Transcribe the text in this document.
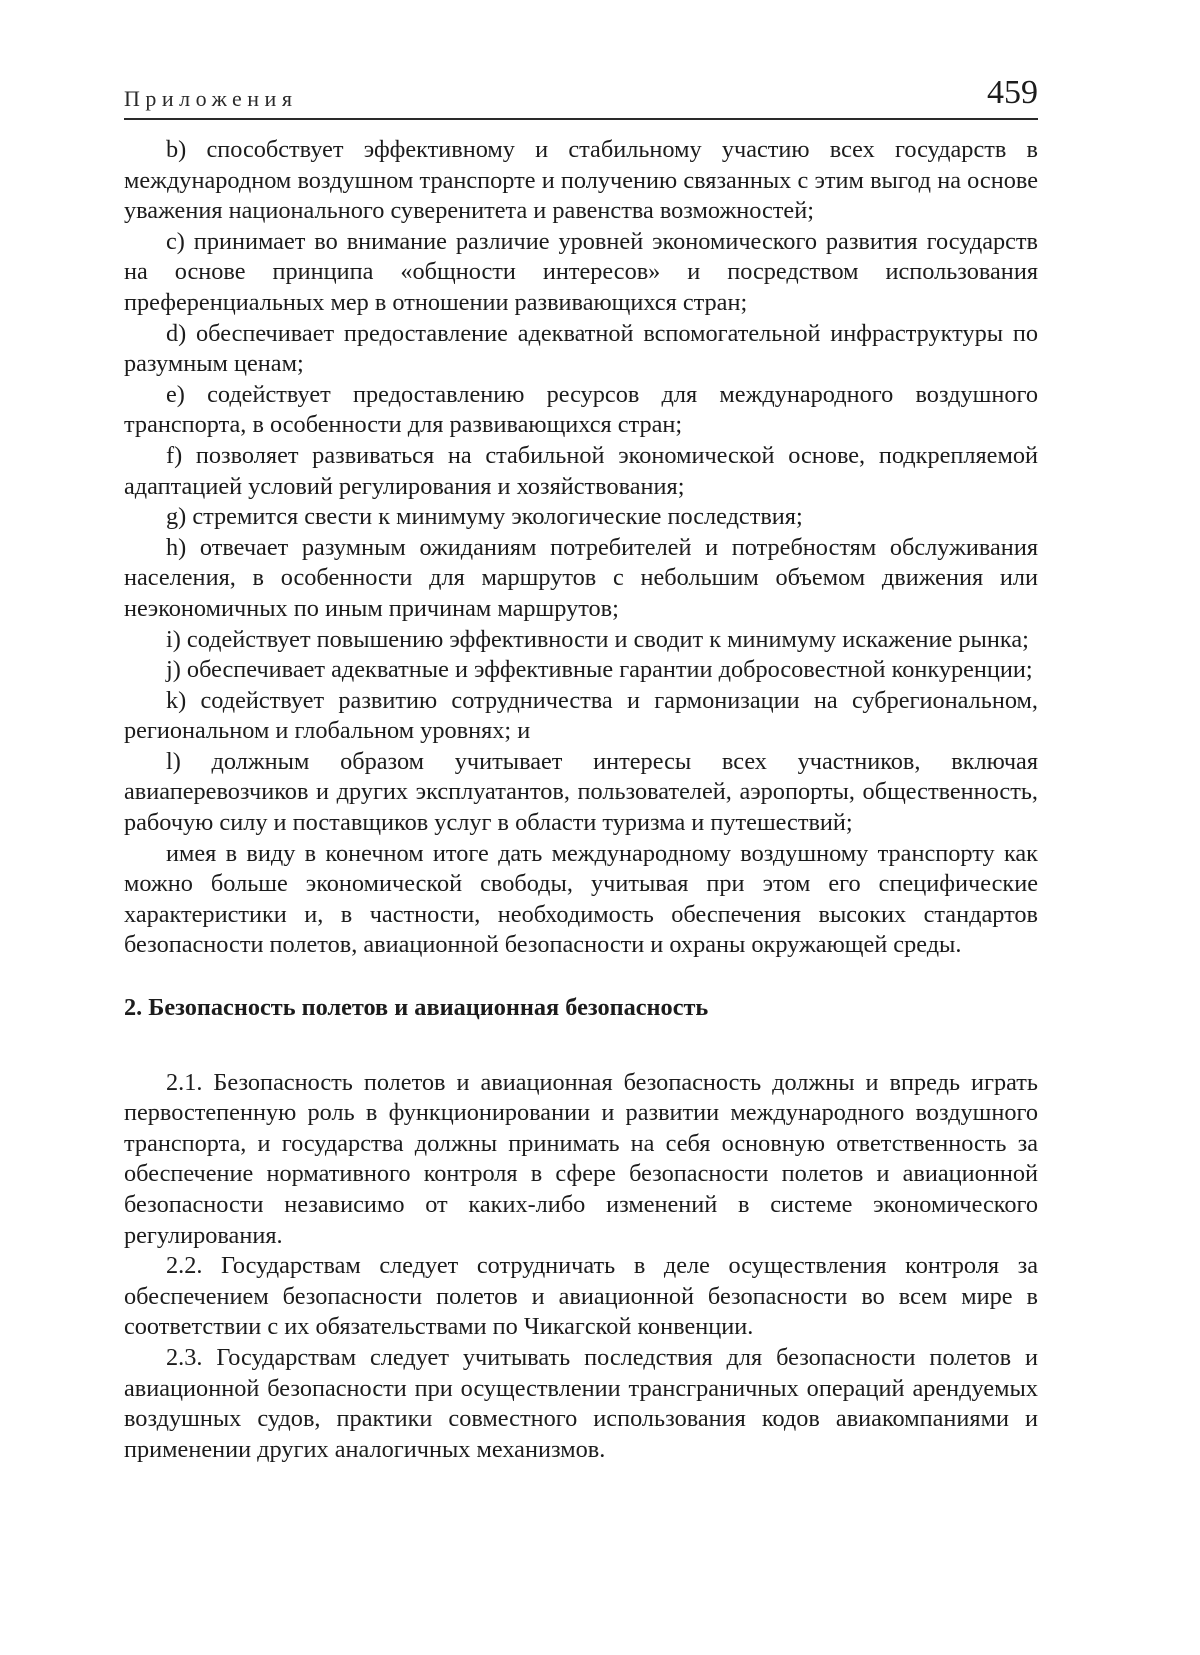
Приложения	459

b) способствует эффективному и стабильному участию всех государств в международном воздушном транспорте и получению связанных с этим выгод на основе уважения национального суверенитета и равенства возможностей;

c) принимает во внимание различие уровней экономического развития государств на основе принципа «общности интересов» и посредством использования преференциальных мер в отношении развивающихся стран;

d) обеспечивает предоставление адекватной вспомогательной инфраструктуры по разумным ценам;

e) содействует предоставлению ресурсов для международного воздушного транспорта, в особенности для развивающихся стран;

f) позволяет развиваться на стабильной экономической основе, подкрепляемой адаптацией условий регулирования и хозяйствования;

g) стремится свести к минимуму экологические последствия;

h) отвечает разумным ожиданиям потребителей и потребностям обслуживания населения, в особенности для маршрутов с небольшим объемом движения или неэкономичных по иным причинам маршрутов;

i) содействует повышению эффективности и сводит к минимуму искажение рынка;

j) обеспечивает адекватные и эффективные гарантии добросовестной конкуренции;

k) содействует развитию сотрудничества и гармонизации на субрегиональном, региональном и глобальном уровнях; и

l) должным образом учитывает интересы всех участников, включая авиаперевозчиков и других эксплуатантов, пользователей, аэропорты, общественность, рабочую силу и поставщиков услуг в области туризма и путешествий;

имея в виду в конечном итоге дать международному воздушному транспорту как можно больше экономической свободы, учитывая при этом его специфические характеристики и, в частности, необходимость обеспечения высоких стандартов безопасности полетов, авиационной безопасности и охраны окружающей среды.

2. Безопасность полетов и авиационная безопасность

2.1. Безопасность полетов и авиационная безопасность должны и впредь играть первостепенную роль в функционировании и развитии международного воздушного транспорта, и государства должны принимать на себя основную ответственность за обеспечение нормативного контроля в сфере безопасности полетов и авиационной безопасности независимо от каких-либо изменений в системе экономического регулирования.

2.2. Государствам следует сотрудничать в деле осуществления контроля за обеспечением безопасности полетов и авиационной безопасности во всем мире в соответствии с их обязательствами по Чикагской конвенции.

2.3. Государствам следует учитывать последствия для безопасности полетов и авиационной безопасности при осуществлении трансграничных операций арендуемых воздушных судов, практики совместного использования кодов авиакомпаниями и применении других аналогичных механизмов.
